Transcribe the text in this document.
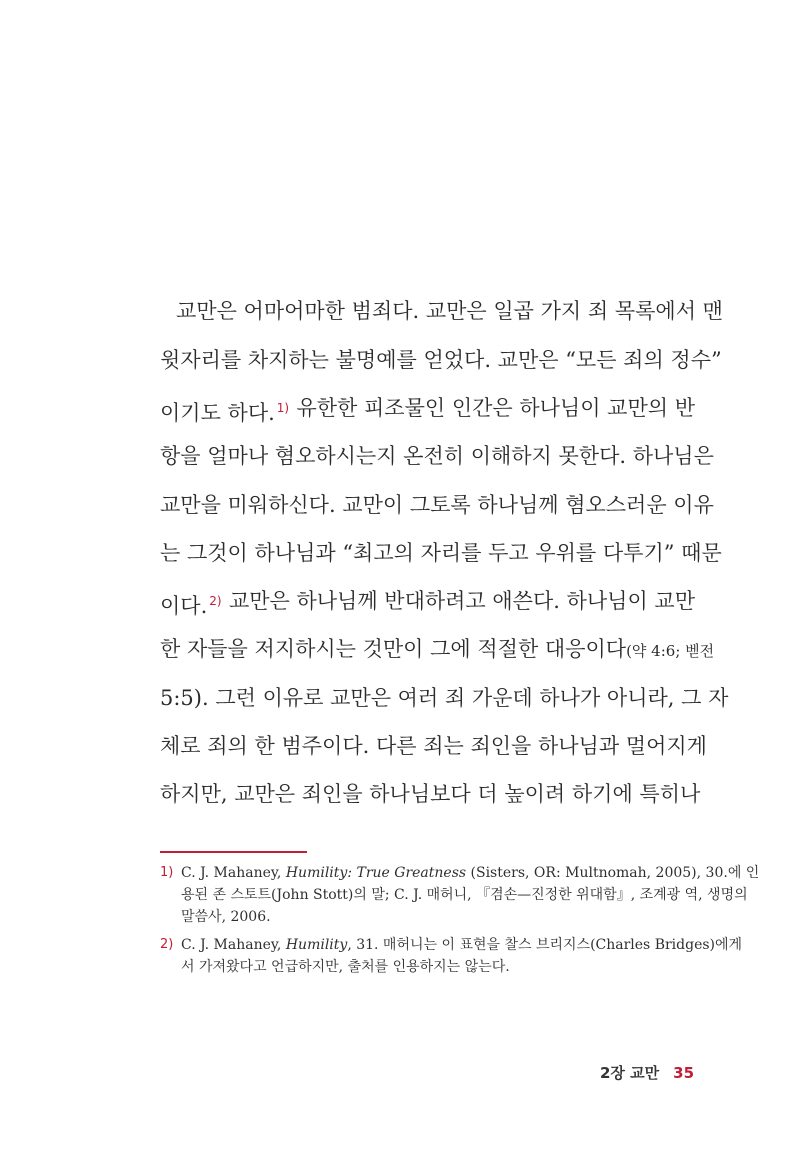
교만은 어마어마한 범죄다. 교만은 일곱 가지 죄 목록에서 맨
윗자리를 차지하는 불명예를 얻었다. 교만은 “모든 죄의 정수”
이기도 하다. $^{1)}$ 유한한 피조물인 인간은 하나님이 교만의 반
항을 얼마나 혐오하시는지 온전히 이해하지 못한다. 하나님은
교만을 미워하신다. 교만이 그토록 하나님께 혐오스러운 이유
는 그것이 하나님과 “최고의 자리를 두고 우위를 다투기” 때문
이다. $^{2)}$ 교만은 하나님께 반대하려고 애쓴다. 하나님이 교만
한 자들을 저지하시는 것만이 그에 적절한 대응이다(약 4:6; 벧전
5:5). 그런 이유로 교만은 여러 죄 가운데 하나가 아니라, 그 자
체로 죄의 한 범주이다. 다른 죄는 죄인을 하나님과 멀어지게
하지만, 교만은 죄인을 하나님보다 더 높이려 하기에 특히나
1) C. J. Mahaney, Humility: True Greatness (Sisters, OR: Multnomah, 2005), 30.에 인
용된 존 스토트(John Stott)의 말; C. J. 매허니, 『겸손—진정한 위대함』, 조계광 역, 생명의
말씀사, 2006.
2) C. J. Mahaney, Humility, 31. 매허니는 이 표현을 찰스 브리지스(Charles Bridges)에게
서 가져왔다고 언급하지만, 출처를 인용하지는 않는다.
2장 교만 35
